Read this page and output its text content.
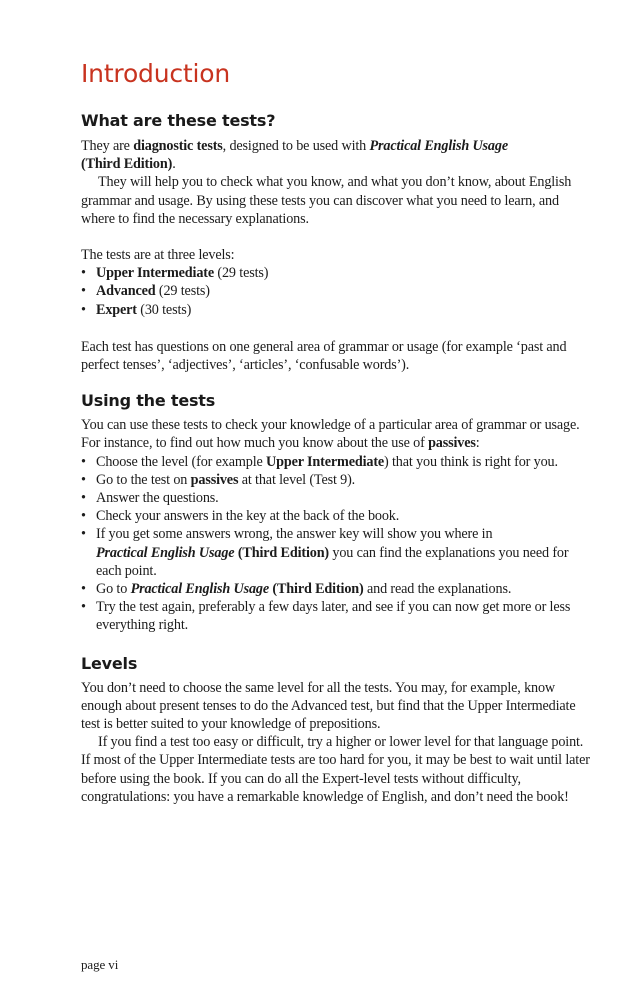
Introduction
What are these tests?

They are diagnostic tests, designed to be used with Practical English Usage
(Third Edition).

They will help you to check what you know, and what you don’t know, about English grammar and usage. By using these tests you can discover what you need to learn, and where to find the necessary explanations.

The tests are at three levels:

• Upper Intermediate (29 tests)
• Advanced (29 tests)
• Expert (30 tests)

Each test has questions on one general area of grammar or usage (for example ‘past and perfect tenses’, ‘adjectives’, ‘articles’, ‘confusable words’).

Using the tests

You can use these tests to check your knowledge of a particular area of grammar or usage. For instance, to find out how much you know about the use of passives:

• Choose the level (for example Upper Intermediate) that you think is right for you.
• Go to the test on passives at that level (Test 9).
• Answer the questions.
• Check your answers in the key at the back of the book.
• If you get some answers wrong, the answer key will show you where in
Practical English Usage (Third Edition) you can find the explanations you need for each point.
• Go to Practical English Usage (Third Edition) and read the explanations.
• Try the test again, preferably a few days later, and see if you can now get more or less everything right.
Levels

You don’t need to choose the same level for all the tests. You may, for example, know enough about present tenses to do the Advanced test, but find that the Upper Intermediate test is better suited to your knowledge of prepositions.

If you find a test too easy or difficult, try a higher or lower level for that language point. If most of the Upper Intermediate tests are too hard for you, it may be best to wait until later before using the book. If you can do all the Expert-level tests without difficulty, congratulations: you have a remarkable knowledge of English, and don’t need the book!

page vi
